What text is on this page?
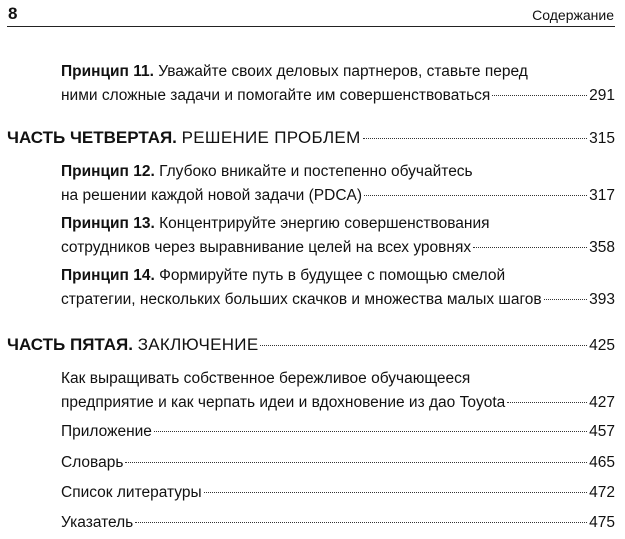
8	Содержание
Принцип 11.
Уважайте своих деловых партнеров, ставьте перед
ними сложные задачи и помогайте им совершенствоваться	291
ЧАСТЬ ЧЕТВЕРТАЯ.
РЕШЕНИЕ ПРОБЛЕМ	315
Принцип 12.
Глубоко вникайте и постепенно обучайтесь
на решении каждой новой задачи (PDCA)	317
Принцип 13.
Концентрируйте энергию совершенствования
сотрудников через выравнивание целей на всех уровнях	358
Принцип 14.
Формируйте путь в будущее с помощью смелой
стратегии, нескольких больших скачков и множества малых шагов	393
ЧАСТЬ ПЯТАЯ.
ЗАКЛЮЧЕНИЕ	425
Как выращивать собственное бережливое обучающееся
предприятие и как черпать идеи и вдохновение из дао Toyota	427
Приложение	457
Словарь	465
Список литературы	472
Указатель	475
